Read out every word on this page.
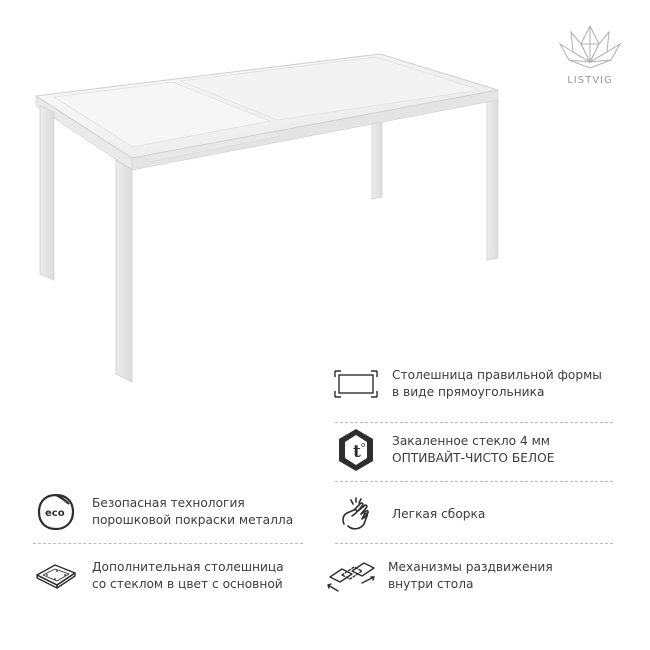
LISTVIG
Столешница правильной формы
в виде прямоугольника
t o Закаленное стекло 4 мм
ОПТИВАЙТ-ЧИСТО БЕЛОЕ
eco
Безопасная технология
порошковой покраски металла	Легкая сборка
Дополнительная столешница
со стеклом в цвет с основной
Механизмы раздвижения
внутри стола
